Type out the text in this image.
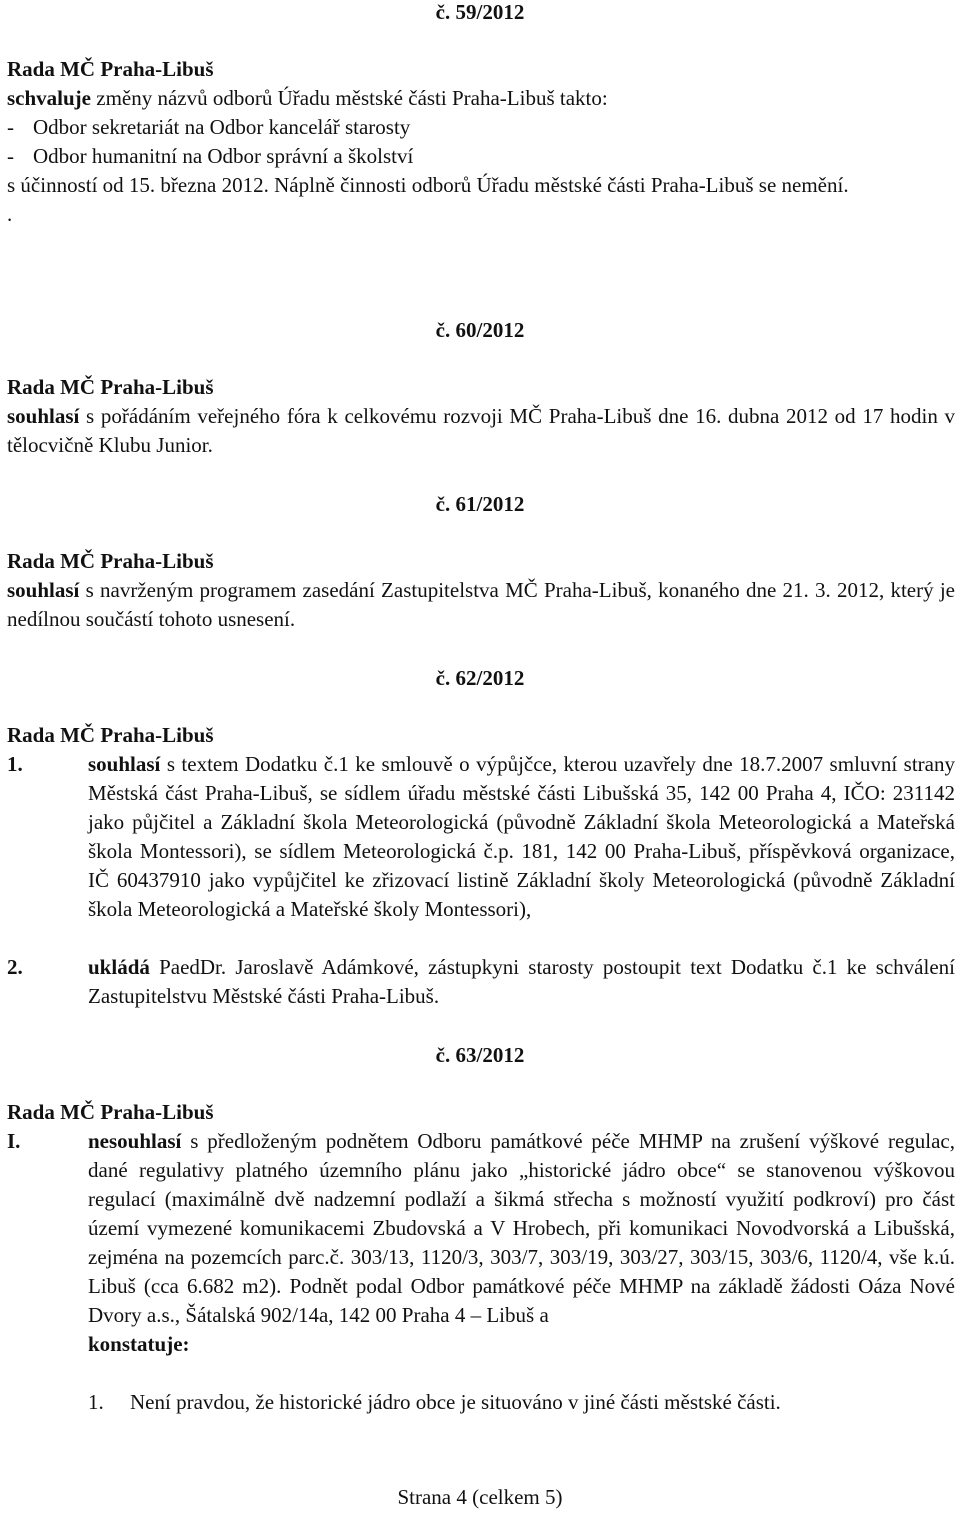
č. 59/2012
Rada MČ Praha-Libuš

schvaluje změny názvů odborů Úřadu městské části Praha-Libuš takto:

- Odbor sekretariát na Odbor kancelář starosty
- Odbor humanitní na Odbor správní a školství

s účinností od 15. března 2012. Náplně činnosti odborů Úřadu městské části Praha-Libuš se nemění.

.

č. 60/2012
Rada MČ Praha-Libuš

souhlasí s pořádáním veřejného fóra k celkovému rozvoji MČ Praha-Libuš dne 16. dubna 2012 od 17 hodin v tělocvičně Klubu Junior.

č. 61/2012
Rada MČ Praha-Libuš

souhlasí s navrženým programem zasedání Zastupitelstva MČ Praha-Libuš, konaného dne 21. 3. 2012, který je nedílnou součástí tohoto usnesení.

č. 62/2012
Rada MČ Praha-Libuš
1.	souhlasí s textem Dodatku č.1 ke smlouvě o výpůjčce, kterou uzavřely dne 18.7.2007 smluvní strany Městská část Praha-Libuš, se sídlem úřadu městské části Libušská 35, 142 00 Praha 4, IČO: 231142 jako půjčitel a Základní škola Meteorologická (původně Základní škola Meteorologická a Mateřská škola Montessori), se sídlem Meteorologická č.p. 181, 142 00 Praha-Libuš, příspěvková organizace, IČ 60437910 jako vypůjčitel ke zřizovací listině Základní školy Meteorologická (původně Základní škola Meteorologická a Mateřské školy Montessori),

2.	ukládá PaedDr. Jaroslavě Adámkové, zástupkyni starosty postoupit text Dodatku č.1 ke schválení Zastupitelstvu Městské části Praha-Libuš.

č. 63/2012
Rada MČ Praha-Libuš
I.	nesouhlasí s předloženým podnětem Odboru památkové péče MHMP na zrušení výškové regulac, dané regulativy platného územního plánu jako „historické jádro obce“ se stanovenou výškovou regulací (maximálně dvě nadzemní podlaží a šikmá střecha s možností využití podkroví) pro část území vymezené komunikacemi Zbudovská a V Hrobech, při komunikaci Novodvorská a Libušská, zejména na pozemcích parc.č. 303/13, 1120/3, 303/7, 303/19, 303/27, 303/15, 303/6, 1120/4, vše k.ú. Libuš (cca 6.682 m2). Podnět podal Odbor památkové péče MHMP na základě žádosti Oáza Nové Dvory a.s., Šátalská 902/14a, 142 00 Praha 4 – Libuš a

konstatuje:

1.	Není pravdou, že historické jádro obce je situováno v jiné části městské části.

Strana 4 (celkem 5)
